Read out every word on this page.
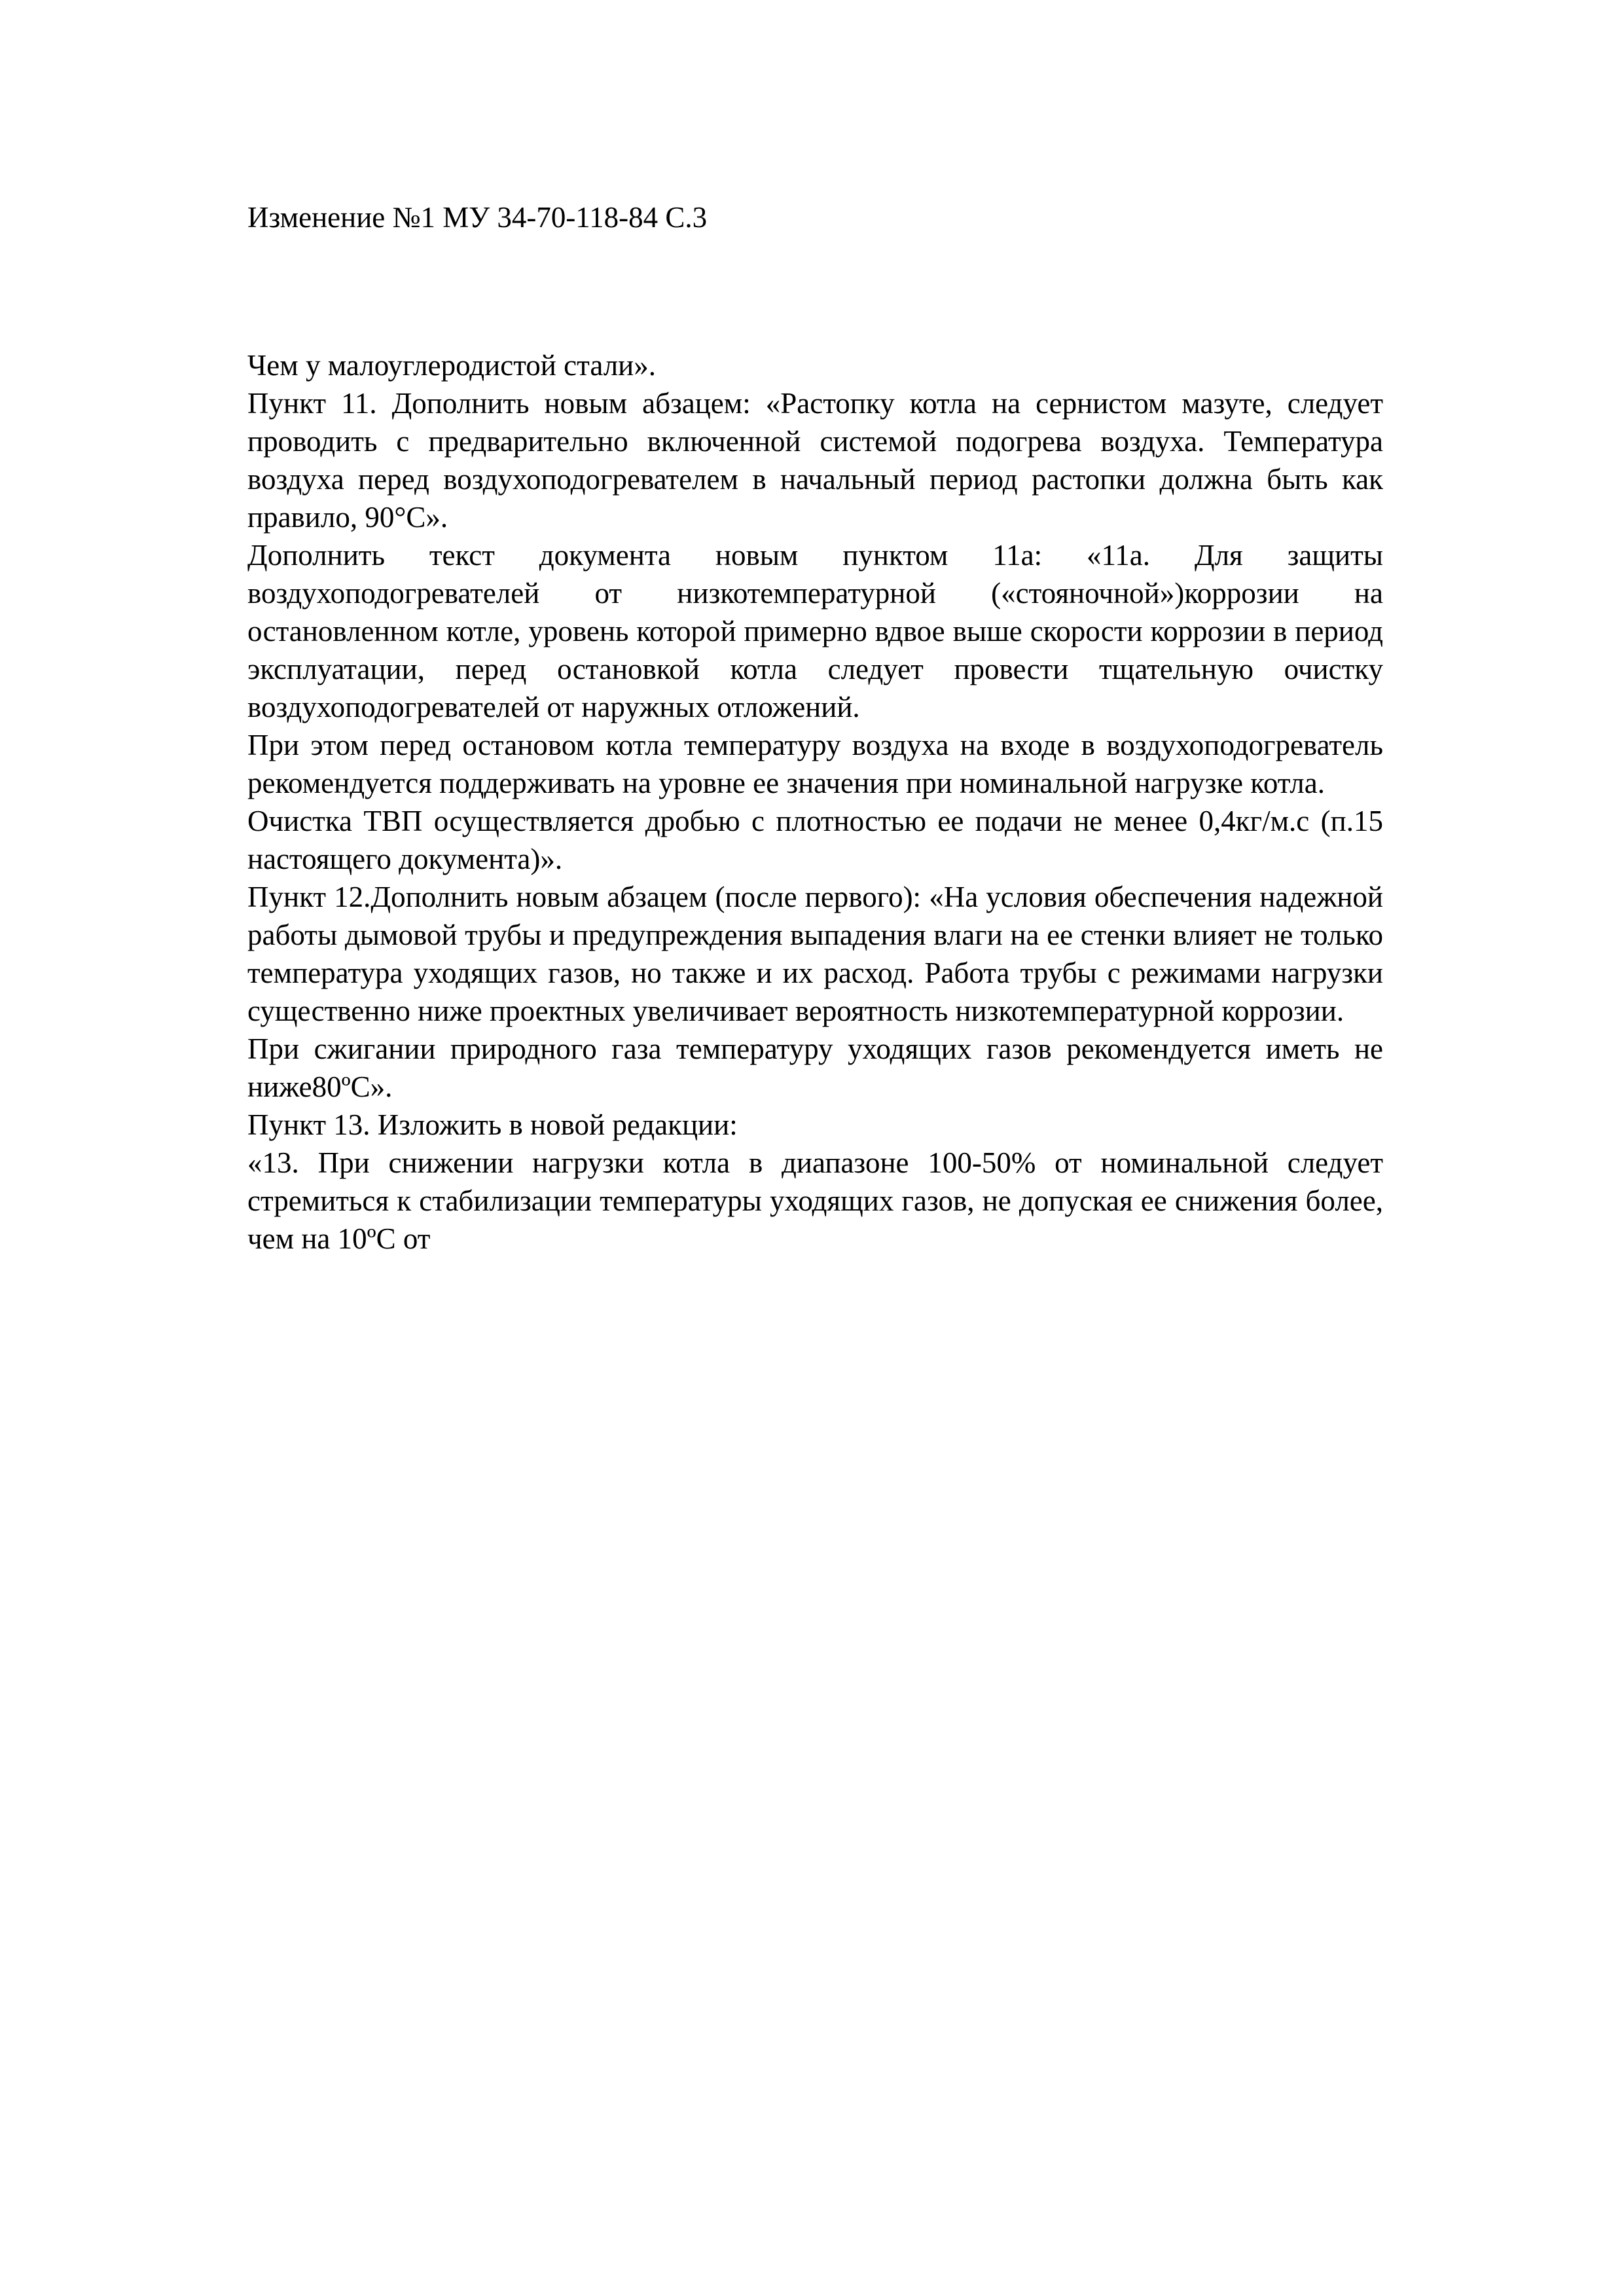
Изменение №1 МУ 34-70-118-84 С.3

Чем у малоуглеродистой стали».

Пункт 11. Дополнить новым абзацем: «Растопку котла на сернистом мазуте, следует проводить с предварительно включенной системой подогрева воздуха. Температура воздуха перед воздухоподогревателем в начальный период растопки должна быть как правило, 90°С».

Дополнить текст документа новым пунктом 11а: «11а. Для защиты воздухоподогревателей от низкотемпературной («стояночной»)коррозии на остановленном котле, уровень которой примерно вдвое выше скорости коррозии в период эксплуатации, перед остановкой котла следует провести тщательную очистку воздухоподогревателей от наружных отложений.

При этом перед остановом котла температуру воздуха на входе в воздухоподогреватель рекомендуется поддерживать на уровне ее значения при номинальной нагрузке котла.

Очистка ТВП осуществляется дробью с плотностью ее подачи не менее 0,4кг/м.с (п.15 настоящего документа)».

Пункт 12.Дополнить новым абзацем (после первого): «На условия обеспечения надежной работы дымовой трубы и предупреждения выпадения влаги на ее стенки влияет не только температура уходящих газов, но также и их расход. Работа трубы с режимами нагрузки существенно ниже проектных увеличивает вероятность низкотемпературной коррозии.

При сжигании природного газа температуру уходящих газов рекомендуется иметь не ниже80ºС».

Пункт 13. Изложить в новой редакции:

«13. При снижении нагрузки котла в диапазоне 100-50% от номинальной следует стремиться к стабилизации температуры уходящих газов, не допуская ее снижения более, чем на 10ºС от
